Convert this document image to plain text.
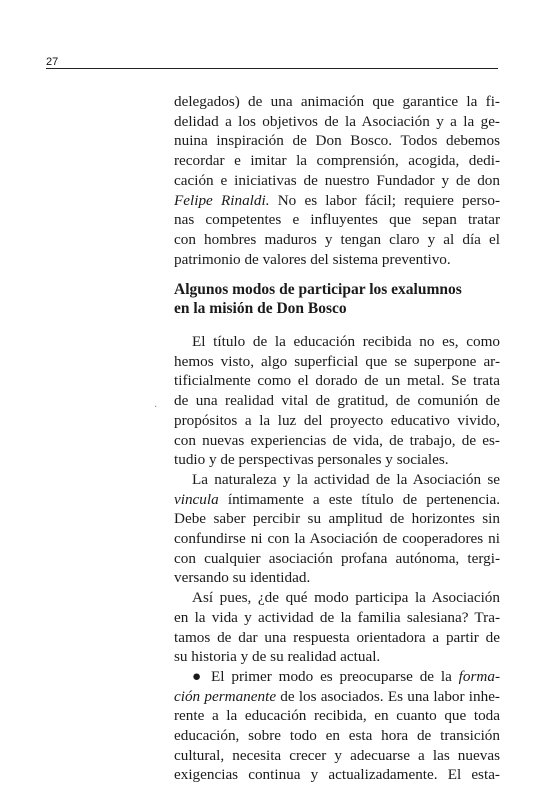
27
delegados) de una animación que garantice la fi-
delidad a los objetivos de la Asociación y a la ge-
nuina inspiración de Don Bosco. Todos debemos
recordar e imitar la comprensión, acogida, dedi-
cación e iniciativas de nuestro Fundador y de don
Felipe Rinaldi. No es labor fácil; requiere perso-
nas competentes e influyentes que sepan tratar
con hombres maduros y tengan claro y al día el
patrimonio de valores del sistema preventivo.
Algunos modos de participar los exalumnos
en la misión de Don Bosco
El título de la educación recibida no es, como
hemos visto, algo superficial que se superpone ar-
tificialmente como el dorado de un metal. Se trata
de una realidad vital de gratitud, de comunión de
propósitos a la luz del proyecto educativo vivido,
con nuevas experiencias de vida, de trabajo, de es-
tudio y de perspectivas personales y sociales.
La naturaleza y la actividad de la Asociación se
vincula íntimamente a este título de pertenencia.
Debe saber percibir su amplitud de horizontes sin
confundirse ni con la Asociación de cooperadores ni
con cualquier asociación profana autónoma, tergi-
versando su identidad.
Así pues, ¿de qué modo participa la Asociación
en la vida y actividad de la familia salesiana? Tra-
tamos de dar una respuesta orientadora a partir de
su historia y de su realidad actual.
● El primer modo es preocuparse de la forma-
ción permanente de los asociados. Es una labor inhe-
rente a la educación recibida, en cuanto que toda
educación, sobre todo en esta hora de transición
cultural, necesita crecer y adecuarse a las nuevas
exigencias continua y actualizadamente. El esta-
·
